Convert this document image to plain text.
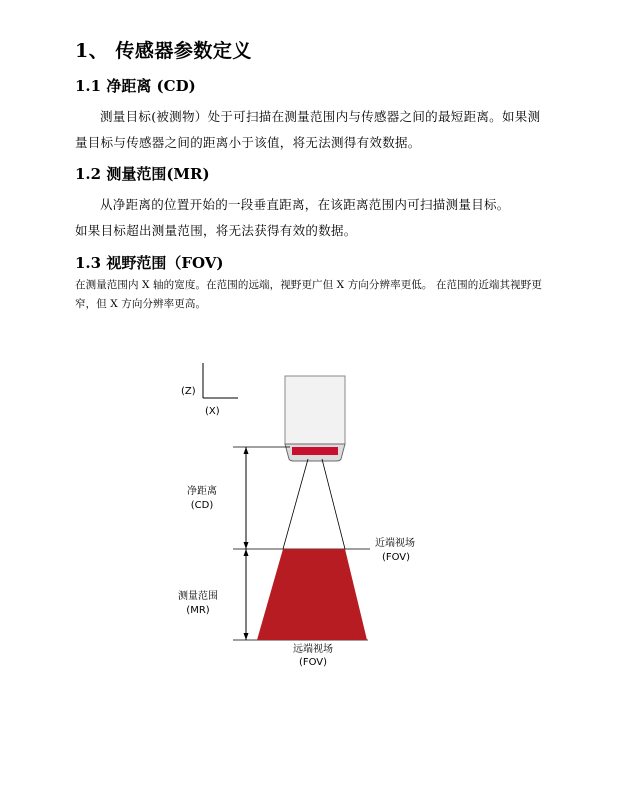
1、 传感器参数定义
1.1 净距离 (CD)
测量目标(被测物）处于可扫描在测量范围内与传感器之间的最短距离。如果测量目标与传感器之间的距离小于该值，将无法测得有效数据。
1.2 测量范围(MR)
从净距离的位置开始的一段垂直距离，在该距离范围内可扫描测量目标。
如果目标超出测量范围，将无法获得有效的数据。
1.3 视野范围（FOV)
在测量范围内 X 轴的宽度。在范围的远端，视野更广但 X 方向分辨率更低。 在范围的近端其视野更窄，但 X 方向分辨率更高。
(Z)
(X)
净距离
(CD)
测量范围
(MR)
近端视场
(FOV)
远端视场
(FOV)
